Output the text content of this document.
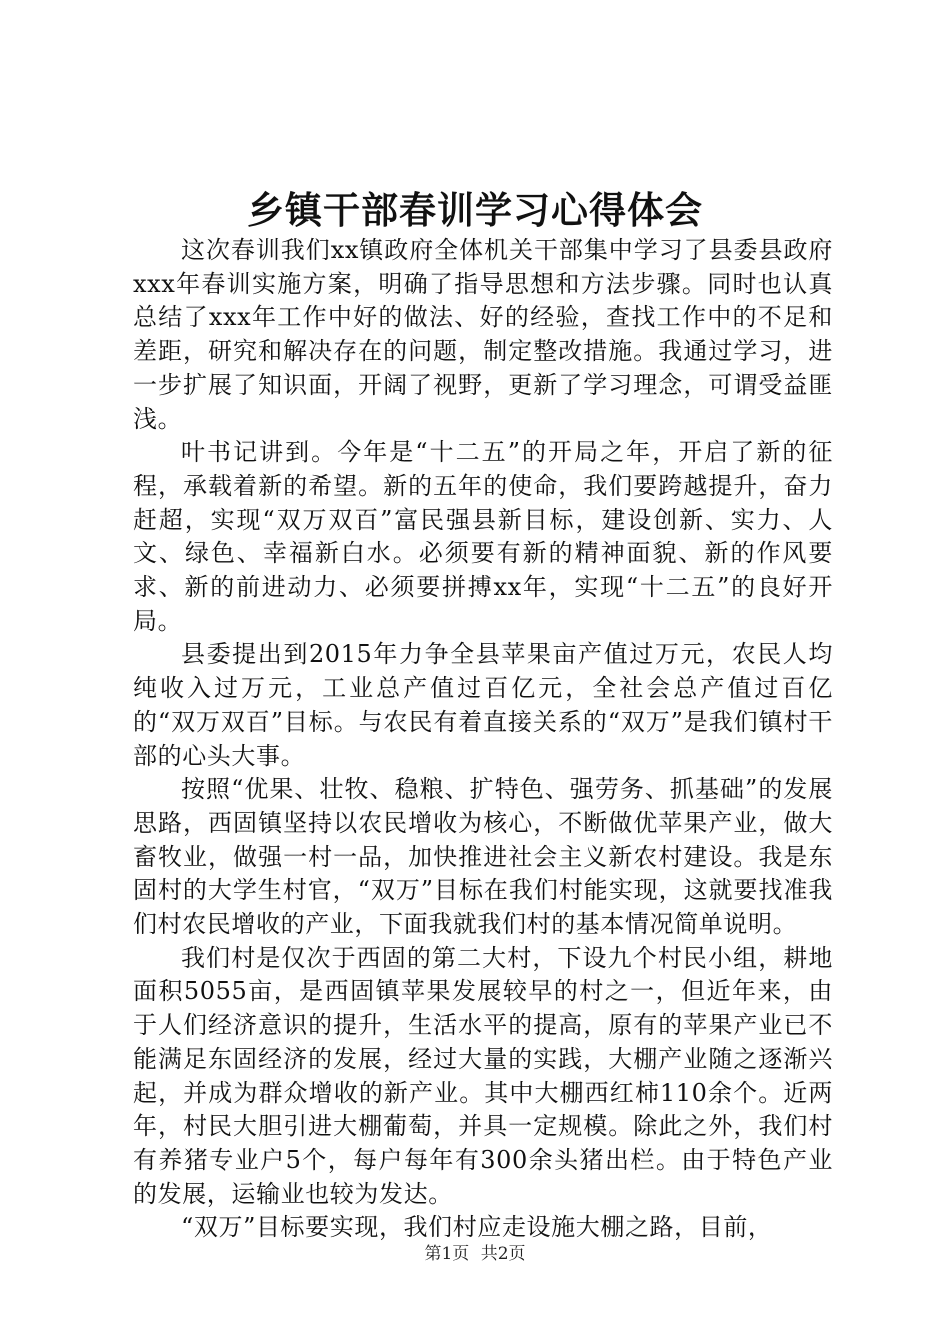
乡镇干部春训学习心得体会

这次春训我们xx镇政府全体机关干部集中学习了县委县政府xxx年春训实施方案，明确了指导思想和方法步骤。同时也认真总结了xxx年工作中好的做法、好的经验，查找工作中的不足和差距，研究和解决存在的问题，制定整改措施。我通过学习，进一步扩展了知识面，开阔了视野，更新了学习理念，可谓受益匪浅。

叶书记讲到。今年是“十二五”的开局之年，开启了新的征程，承载着新的希望。新的五年的使命，我们要跨越提升，奋力赶超，实现“双万双百”富民强县新目标，建设创新、实力、人文、绿色、幸福新白水。必须要有新的精神面貌、新的作风要求、新的前进动力、必须要拼搏xx年，实现“十二五”的良好开局。

县委提出到2015年力争全县苹果亩产值过万元，农民人均纯收入过万元，工业总产值过百亿元，全社会总产值过百亿的“双万双百”目标。与农民有着直接关系的“双万”是我们镇村干部的心头大事。

按照“优果、壮牧、稳粮、扩特色、强劳务、抓基础”的发展思路，西固镇坚持以农民增收为核心，不断做优苹果产业，做大畜牧业，做强一村一品，加快推进社会主义新农村建设。我是东固村的大学生村官，“双万”目标在我们村能实现，这就要找准我们村农民增收的产业，下面我就我们村的基本情况简单说明。

我们村是仅次于西固的第二大村，下设九个村民小组，耕地面积5055亩，是西固镇苹果发展较早的村之一，但近年来，由于人们经济意识的提升，生活水平的提高，原有的苹果产业已不能满足东固经济的发展，经过大量的实践，大棚产业随之逐渐兴起，并成为群众增收的新产业。其中大棚西红柿110余个。近两年，村民大胆引进大棚葡萄，并具一定规模。除此之外，我们村有养猪专业户5个，每户每年有300余头猪出栏。由于特色产业的发展，运输业也较为发达。

“双万”目标要实现，我们村应走设施大棚之路，目前，

第1页 共2页
